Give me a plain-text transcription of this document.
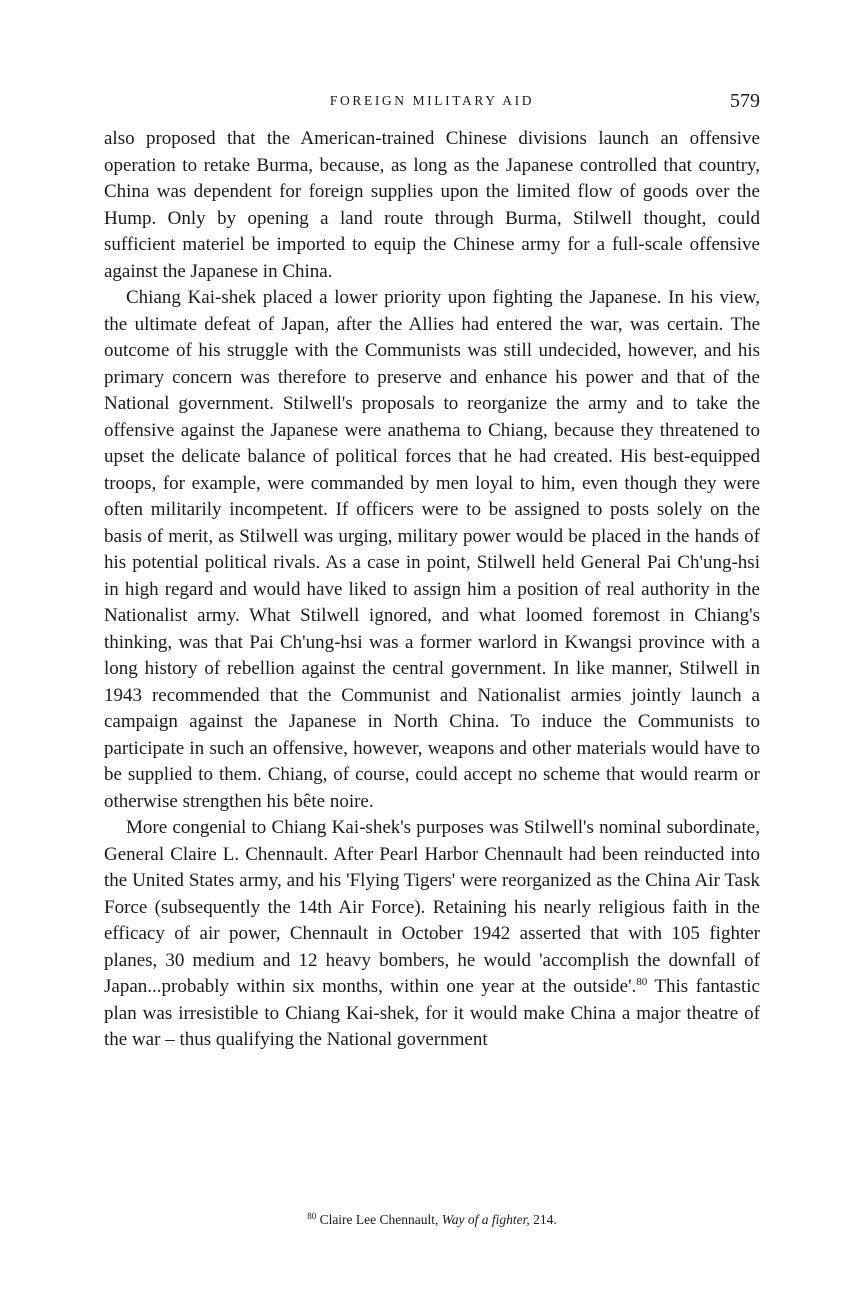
FOREIGN MILITARY AID	579

also proposed that the American-trained Chinese divisions launch an offensive operation to retake Burma, because, as long as the Japanese controlled that country, China was dependent for foreign supplies upon the limited flow of goods over the Hump. Only by opening a land route through Burma, Stilwell thought, could sufficient materiel be imported to equip the Chinese army for a full-scale offensive against the Japanese in China.

Chiang Kai-shek placed a lower priority upon fighting the Japanese. In his view, the ultimate defeat of Japan, after the Allies had entered the war, was certain. The outcome of his struggle with the Communists was still undecided, however, and his primary concern was therefore to preserve and enhance his power and that of the National government. Stilwell's proposals to reorganize the army and to take the offensive against the Japanese were anathema to Chiang, because they threatened to upset the delicate balance of political forces that he had created. His best-equipped troops, for example, were commanded by men loyal to him, even though they were often militarily incompetent. If officers were to be assigned to posts solely on the basis of merit, as Stilwell was urging, military power would be placed in the hands of his potential political rivals. As a case in point, Stilwell held General Pai Ch'ung-hsi in high regard and would have liked to assign him a position of real authority in the Nationalist army. What Stilwell ignored, and what loomed foremost in Chiang's thinking, was that Pai Ch'ung-hsi was a former warlord in Kwangsi province with a long history of rebellion against the central government. In like manner, Stilwell in 1943 recommended that the Communist and Nationalist armies jointly launch a campaign against the Japanese in North China. To induce the Communists to participate in such an offensive, however, weapons and other materials would have to be supplied to them. Chiang, of course, could accept no scheme that would rearm or otherwise strengthen his bête noire.

More congenial to Chiang Kai-shek's purposes was Stilwell's nominal subordinate, General Claire L. Chennault. After Pearl Harbor Chennault had been reinducted into the United States army, and his 'Flying Tigers' were reorganized as the China Air Task Force (subsequently the 14th Air Force). Retaining his nearly religious faith in the efficacy of air power, Chennault in October 1942 asserted that with 105 fighter planes, 30 medium and 12 heavy bombers, he would 'accomplish the downfall of Japan...probably within six months, within one year at the outside'.$^{80}$ This fantastic plan was irresistible to Chiang Kai-shek, for it would make China a major theatre of the war – thus qualifying the National government

$^{80}$ Claire Lee Chennault, Way of a fighter, 214.
